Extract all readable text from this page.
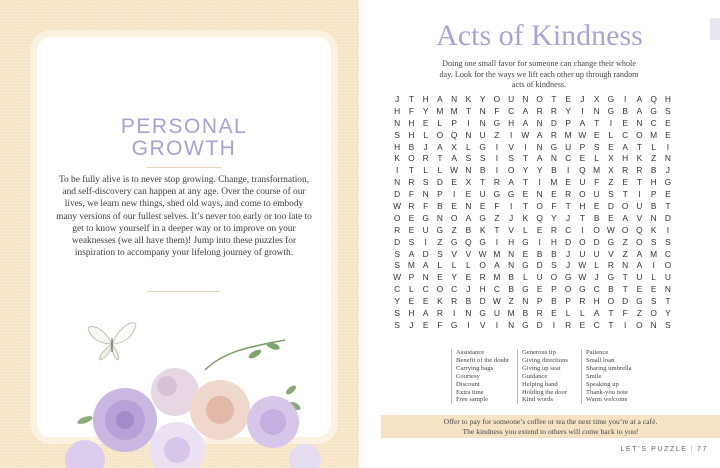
PERSONAL
GROWTH
To be fully alive is to never stop growing. Change, transformation, and self-discovery can happen at any age. Over the course of our lives, we learn new things, shed old ways, and come to embody many versions of our fullest selves. It’s never too early or too late to get to know yourself in a deeper way or to improve on your weaknesses (we all have them)! Jump into these puzzles for inspiration to accompany your lifelong journey of growth.
Acts of Kindness
Doing one small favor for someone can change their whole day. Look for the ways we lift each other up through random acts of kindness.
J	T	H	A	N	K	Y O U N O	T	E	J	X G	I	A Q H
H	F	Y M M T	N	F	C	A	R R	Y	I	N G B	A G S
N H	E	L	P	I	N G H	A	N D	P	A	T	I	E	N C	E
S	H	L	O Q N U	Z	I	W A	R M W E	L	C O M E
H	B	J	A	X	L	G	I	V	I	N G U	P	S	E	A	T	L	I
K O R	T	A	S	S	I	S	T	A	N C	E	L	X	H	K	Z	N
I	T	L	L W N	B	I	O Y	Y	B	I	Q M X	R R	B	J
N R	S	D	E	X	T	R	A	T	I	M E	U	F	Z	E	T	H G
D	F	N	P	I	E	U G G E	N	E	R O U	S	T	I	P	E
W R	F	B	E	N	E	F	I	T	O	F	T	H	E	D O U	B	T
O E G N O A G	Z	J	K Q Y	J	T	B	E	A	V	N D
R	E	U G	Z	B	K	T	V	L	E	R C	I	O W O Q K	I
D	S	I	Z	G Q G	I	H G	I	H D O D G	Z	O S	S
S	A	D	S	V	V W M N	E	B	B	J	U U	V	Z	A M C
S M A	L	L	L	O A	N G D	S	J W L	R N	A	I	O
W P	N	E	Y	E	R M B	L	U O G W J	G	T	U	L	U
C	L	C O C	J	H C	B G E	P O G C	B	T	E	E	N
Y	E	E	K	R	B	D W Z	N	P	B	P	R H O D G S	T
S	H	A	R	I	N G U M B	R	E	L	L	A	T	F	Z	O Y
S	J	E	F	G	I	V	I	N G D	I	R	E	C	T	I	O N	S
Assistance
Benefit of the doubt
Carrying bags
Courtesy
Discount
Extra time
Free sample
Generous tip
Giving directions
Giving up seat
Guidance
Helping hand
Holding the door
Kind words
Patience
Small loan
Sharing umbrella
Smile
Speaking up
Thank-you note
Warm welcome
Offer to pay for someone’s coffee or tea the next time you’re at a café.
The kindness you extend to others will come back to you!
LET’S PUZZLE | 77
